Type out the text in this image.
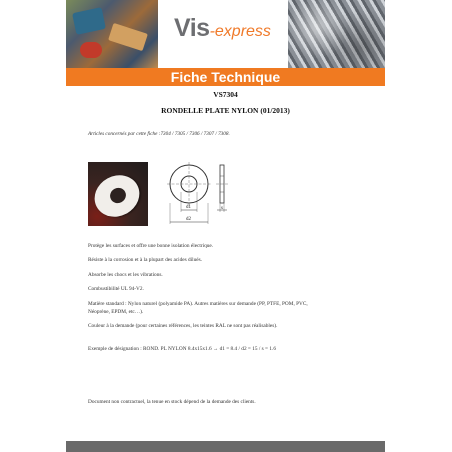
Vis-express
Fiche Technique
VS7304
RONDELLE PLATE NYLON (01/2013)
Articles concernés par cette fiche :7304 / 7305 / 7306 / 7307 / 7308.
d1
d2
s
Protège les surfaces et offre une bonne isolation électrique.
Résiste à la corrosion et à la plupart des acides dilués.
Absorbe les chocs et les vibrations.
Combustibilité UL 94-V2.
Matière standard : Nylon naturel (polyamide PA). Autres matières sur demande (PP, PTFE, POM, PVC,
Néoprène, EPDM, etc…).
Couleur à la demande (pour certaines références, les teintes RAL ne sont pas réalisables).
Exemple de désignation : ROND. PL NYLON 8.4x15x1.6 → d1 = 8.4 / d2 = 15 / s = 1.6
Document non contractuel, la tenue en stock dépend de la demande des clients.
